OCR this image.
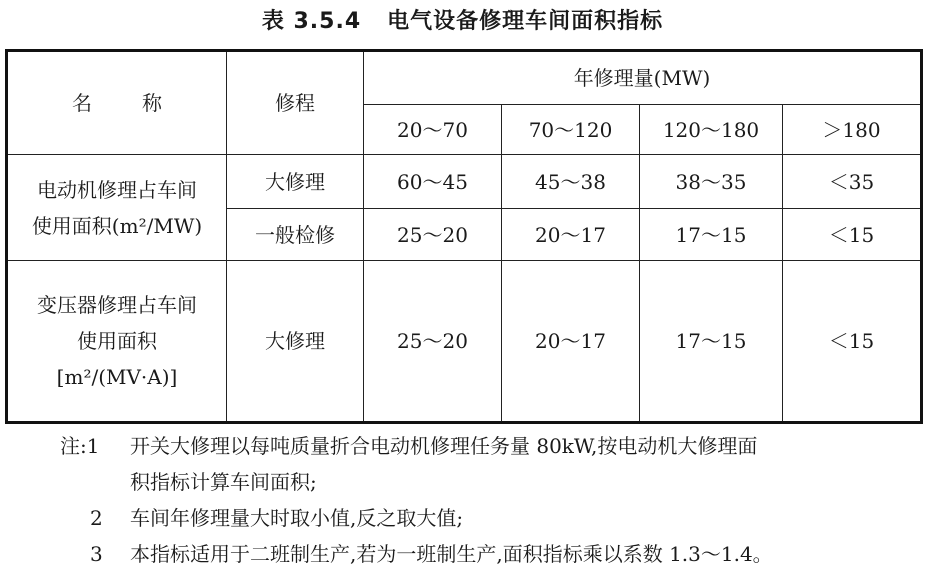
表 3.5.4 电气设备修理车间面积指标
名 称	修程	年修理量(MW)			
		20～70	70～120	120～180	＞180

电动机修理占车间
使用面积(m²/MW)	大修理	60～45	45～38	38～35	＜35
	一般检修	25～20	20～17	17～15	＜15

变压器修理占车间
使用面积
[m²/(MV·A)]	大修理	25～20	20～17	17～15	＜15
注:1 开关大修理以每吨质量折合电动机修理任务量 80kW,按电动机大修理面
积指标计算车间面积;
2 车间年修理量大时取小值,反之取大值;
3 本指标适用于二班制生产,若为一班制生产,面积指标乘以系数 1.3～1.4。
